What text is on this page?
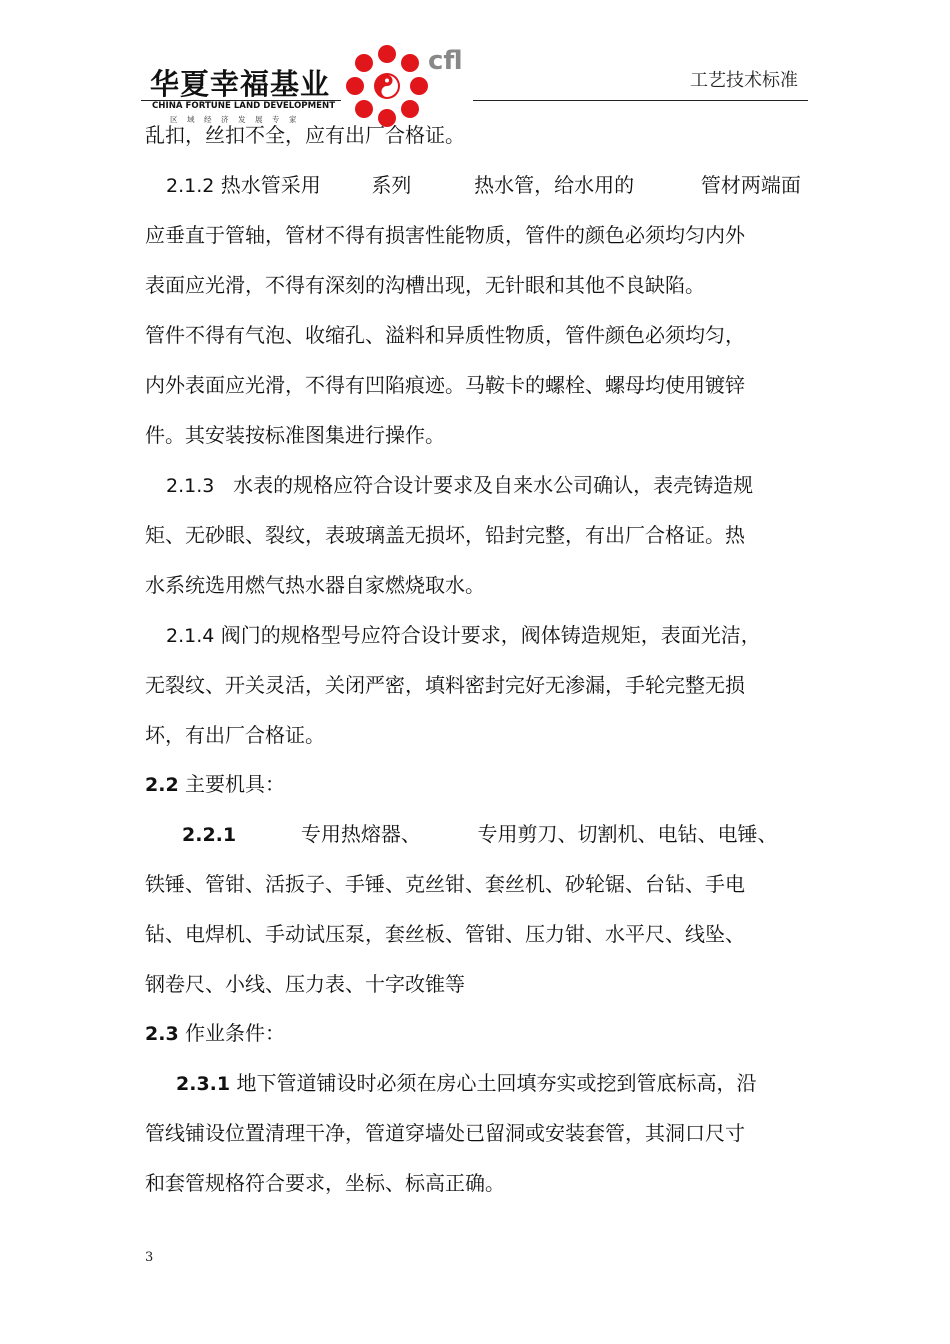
华夏幸福基业
CHINA FORTUNE LAND DEVELOPMENT
区域经济发展专家
cfl
工艺技术标准
乱扣，丝扣不全，应有出厂合格证。
2.1.2 热水管采用	系列	热水管，给水用的	管材两端面
应垂直于管轴，管材不得有损害性能物质，管件的颜色必须均匀内外
表面应光滑，不得有深刻的沟槽出现，无针眼和其他不良缺陷。
管件不得有气泡、收缩孔、溢料和异质性物质，管件颜色必须均匀，
内外表面应光滑，不得有凹陷痕迹。马鞍卡的螺栓、螺母均使用镀锌
件。其安装按标准图集进行操作。
2.1.3 水表的规格应符合设计要求及自来水公司确认，表壳铸造规
矩、无砂眼、裂纹，表玻璃盖无损坏，铅封完整，有出厂合格证。热
水系统选用燃气热水器自家燃烧取水。
2.1.4 阀门的规格型号应符合设计要求，阀体铸造规矩，表面光洁，
无裂纹、开关灵活，关闭严密，填料密封完好无渗漏，手轮完整无损
坏，有出厂合格证。
2.2 主要机具：
2.2.1	专用热熔器、	专用剪刀、切割机、电钻、电锤、
铁锤、管钳、活扳子、手锤、克丝钳、套丝机、砂轮锯、台钻、手电
钻、电焊机、手动试压泵，套丝板、管钳、压力钳、水平尺、线坠、
钢卷尺、小线、压力表、十字改锥等
2.3 作业条件：
2.3.1 地下管道铺设时必须在房心土回填夯实或挖到管底标高，沿
管线铺设位置清理干净，管道穿墙处已留洞或安装套管，其洞口尺寸
和套管规格符合要求，坐标、标高正确。
3
